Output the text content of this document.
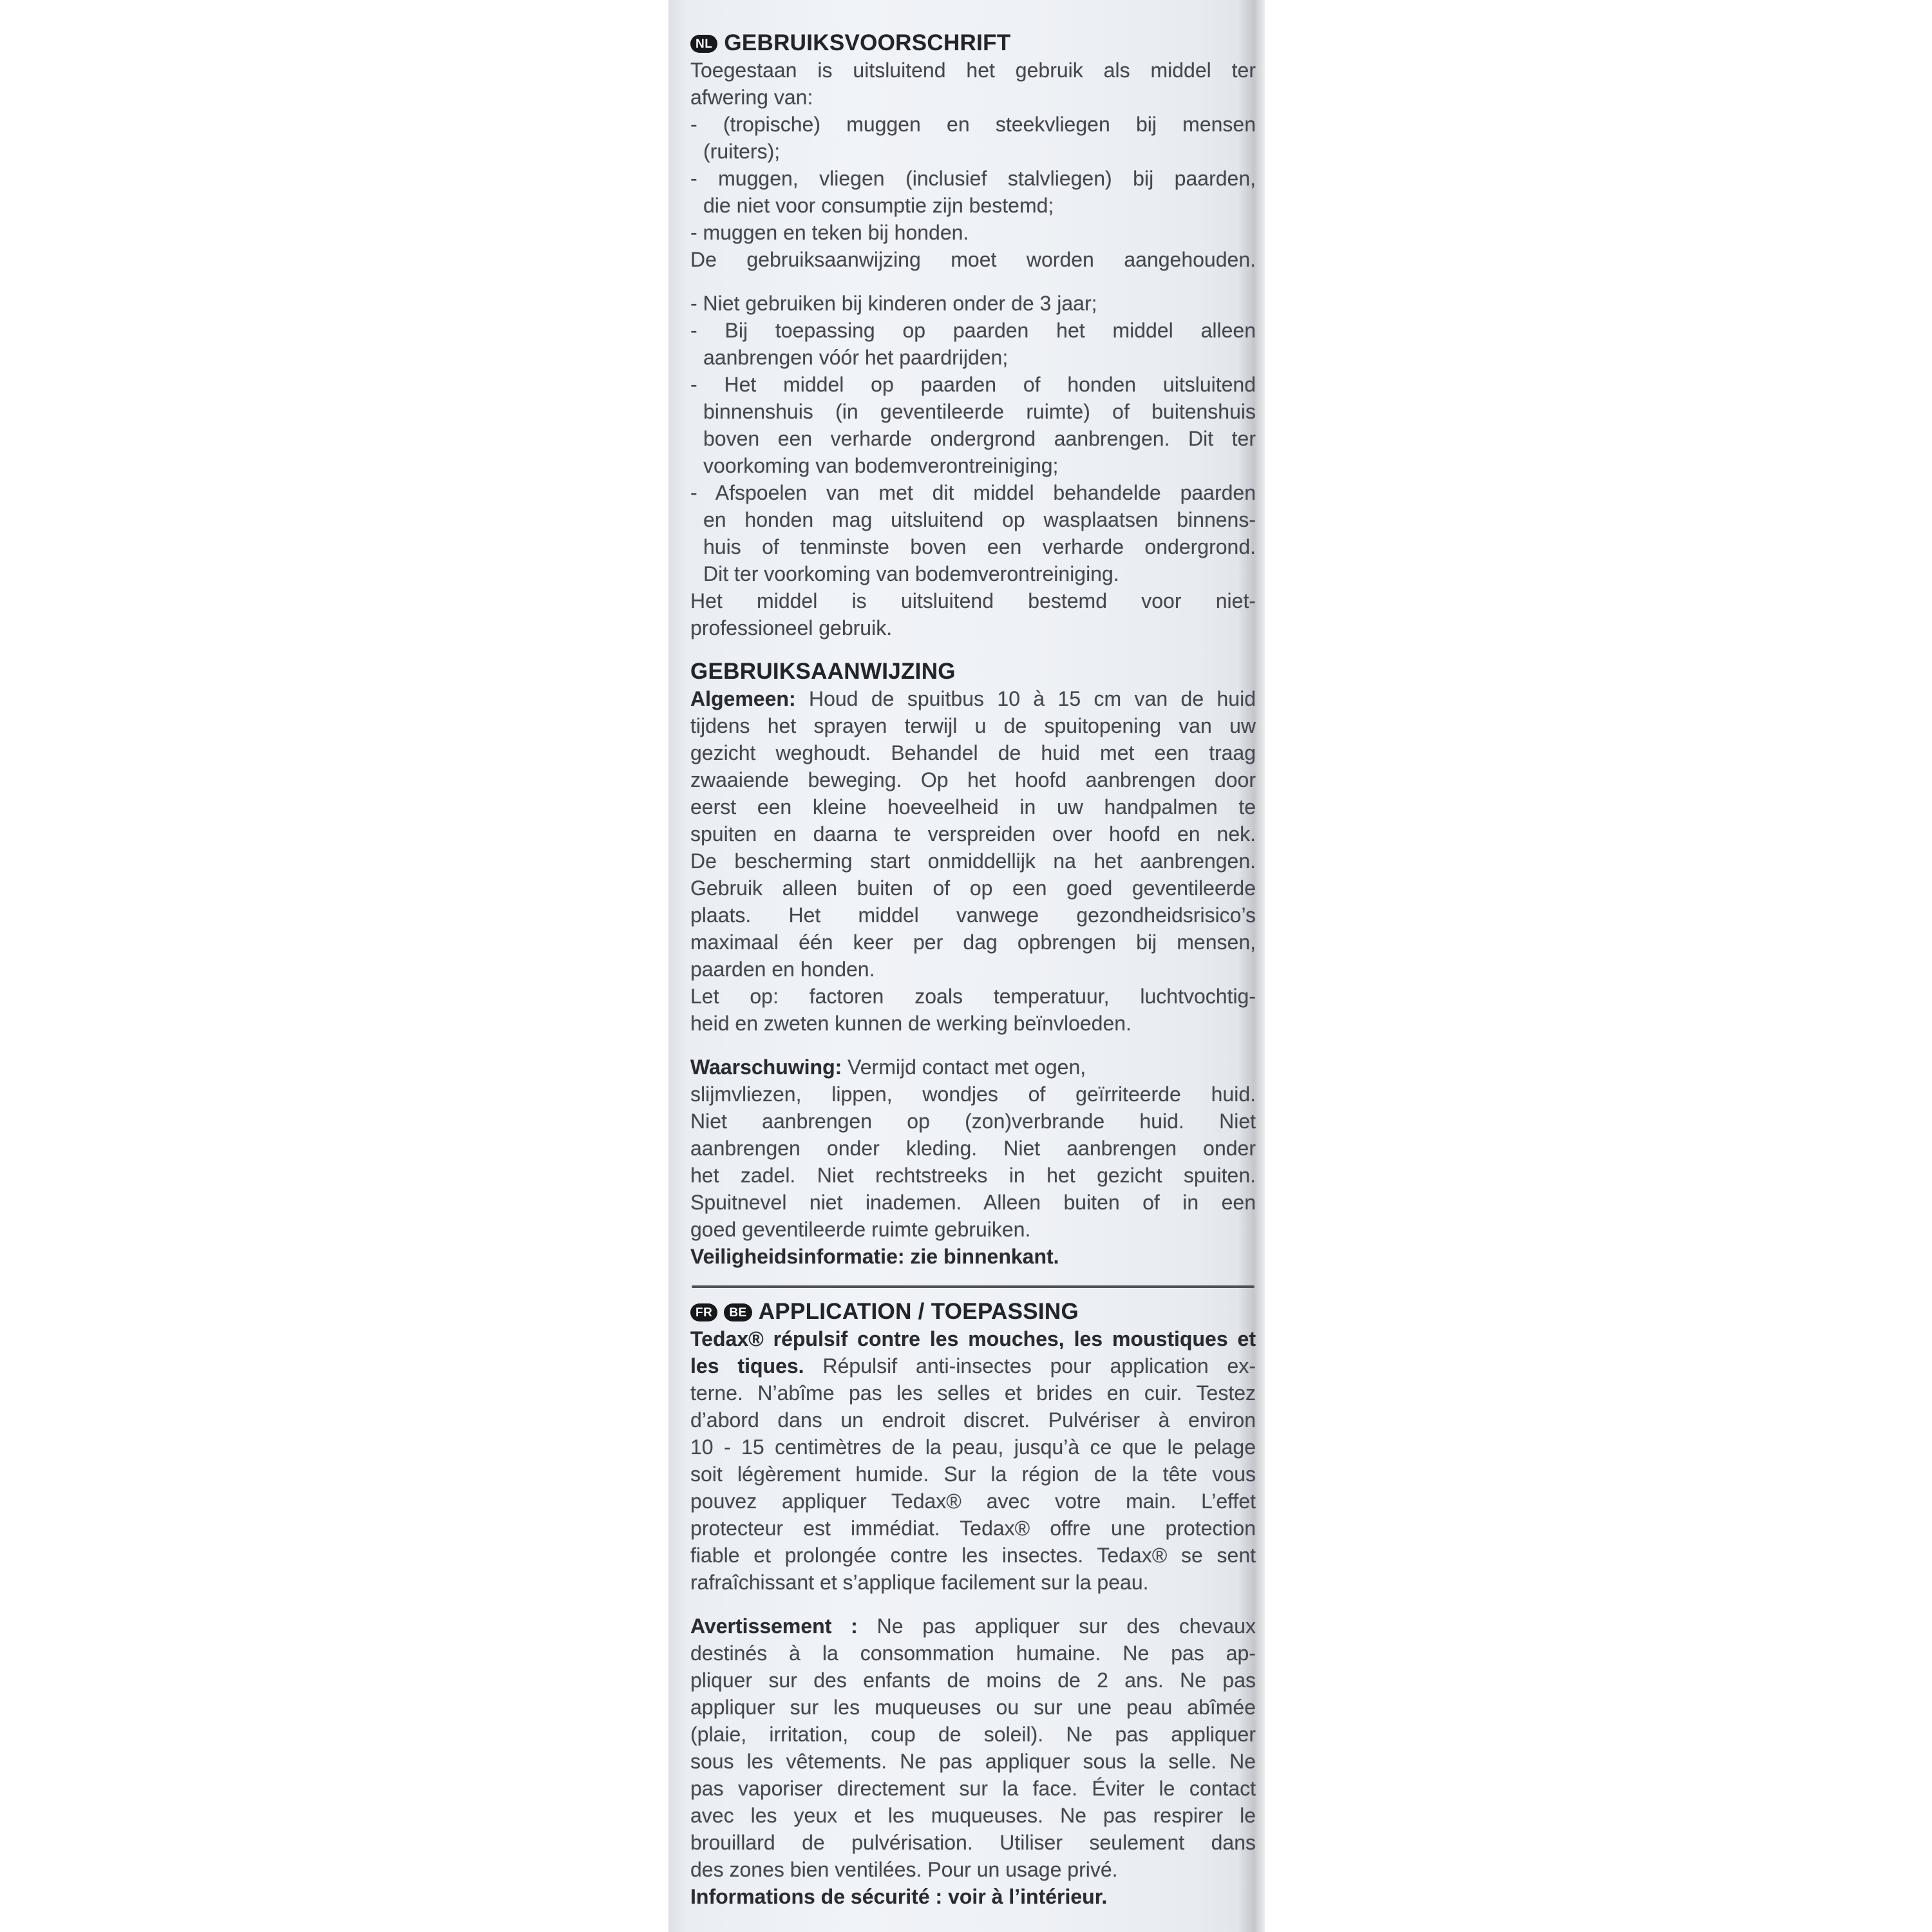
NL GEBRUIKSVOORSCHRIFT
Toegestaan is uitsluitend het gebruik als middel ter
afwering van:
- (tropische) muggen en steekvliegen bij mensen
(ruiters);
- muggen, vliegen (inclusief stalvliegen) bij paarden,
die niet voor consumptie zijn bestemd;
- muggen en teken bij honden.
De gebruiksaanwijzing moet worden aangehouden.
- Niet gebruiken bij kinderen onder de 3 jaar;
- Bij toepassing op paarden het middel alleen
aanbrengen vóór het paardrijden;
- Het middel op paarden of honden uitsluitend
binnenshuis (in geventileerde ruimte) of buitenshuis
boven een verharde ondergrond aanbrengen. Dit ter
voorkoming van bodemverontreiniging;
- Afspoelen van met dit middel behandelde paarden
en honden mag uitsluitend op wasplaatsen binnens-
huis of tenminste boven een verharde ondergrond.
Dit ter voorkoming van bodemverontreiniging.
Het middel is uitsluitend bestemd voor niet-
professioneel gebruik.
GEBRUIKSAANWIJZING
Algemeen: Houd de spuitbus 10 à 15 cm van de huid
tijdens het sprayen terwijl u de spuitopening van uw
gezicht weghoudt. Behandel de huid met een traag
zwaaiende beweging. Op het hoofd aanbrengen door
eerst een kleine hoeveelheid in uw handpalmen te
spuiten en daarna te verspreiden over hoofd en nek.
De bescherming start onmiddellijk na het aanbrengen.
Gebruik alleen buiten of op een goed geventileerde
plaats. Het middel vanwege gezondheidsrisico’s
maximaal één keer per dag opbrengen bij mensen,
paarden en honden.
Let op: factoren zoals temperatuur, luchtvochtig-
heid en zweten kunnen de werking beïnvloeden.
Waarschuwing: Vermijd contact met ogen,
slijmvliezen, lippen, wondjes of geïrriteerde huid.
Niet aanbrengen op (zon)verbrande huid. Niet
aanbrengen onder kleding. Niet aanbrengen onder
het zadel. Niet rechtstreeks in het gezicht spuiten.
Spuitnevel niet inademen. Alleen buiten of in een
goed geventileerde ruimte gebruiken.
Veiligheidsinformatie: zie binnenkant.
FR BE APPLICATION / TOEPASSING
Tedax® répulsif contre les mouches, les moustiques et
les tiques. Répulsif anti-insectes pour application ex-
terne. N’abîme pas les selles et brides en cuir. Testez
d’abord dans un endroit discret. Pulvériser à environ
10 - 15 centimètres de la peau, jusqu’à ce que le pelage
soit légèrement humide. Sur la région de la tête vous
pouvez appliquer Tedax® avec votre main. L’effet
protecteur est immédiat. Tedax® offre une protection
fiable et prolongée contre les insectes. Tedax® se sent
rafraîchissant et s’applique facilement sur la peau.
Avertissement : Ne pas appliquer sur des chevaux
destinés à la consommation humaine. Ne pas ap-
pliquer sur des enfants de moins de 2 ans. Ne pas
appliquer sur les muqueuses ou sur une peau abîmée
(plaie, irritation, coup de soleil). Ne pas appliquer
sous les vêtements. Ne pas appliquer sous la selle. Ne
pas vaporiser directement sur la face. Éviter le contact
avec les yeux et les muqueuses. Ne pas respirer le
brouillard de pulvérisation. Utiliser seulement dans
des zones bien ventilées. Pour un usage privé.
Informations de sécurité : voir à l’intérieur.
